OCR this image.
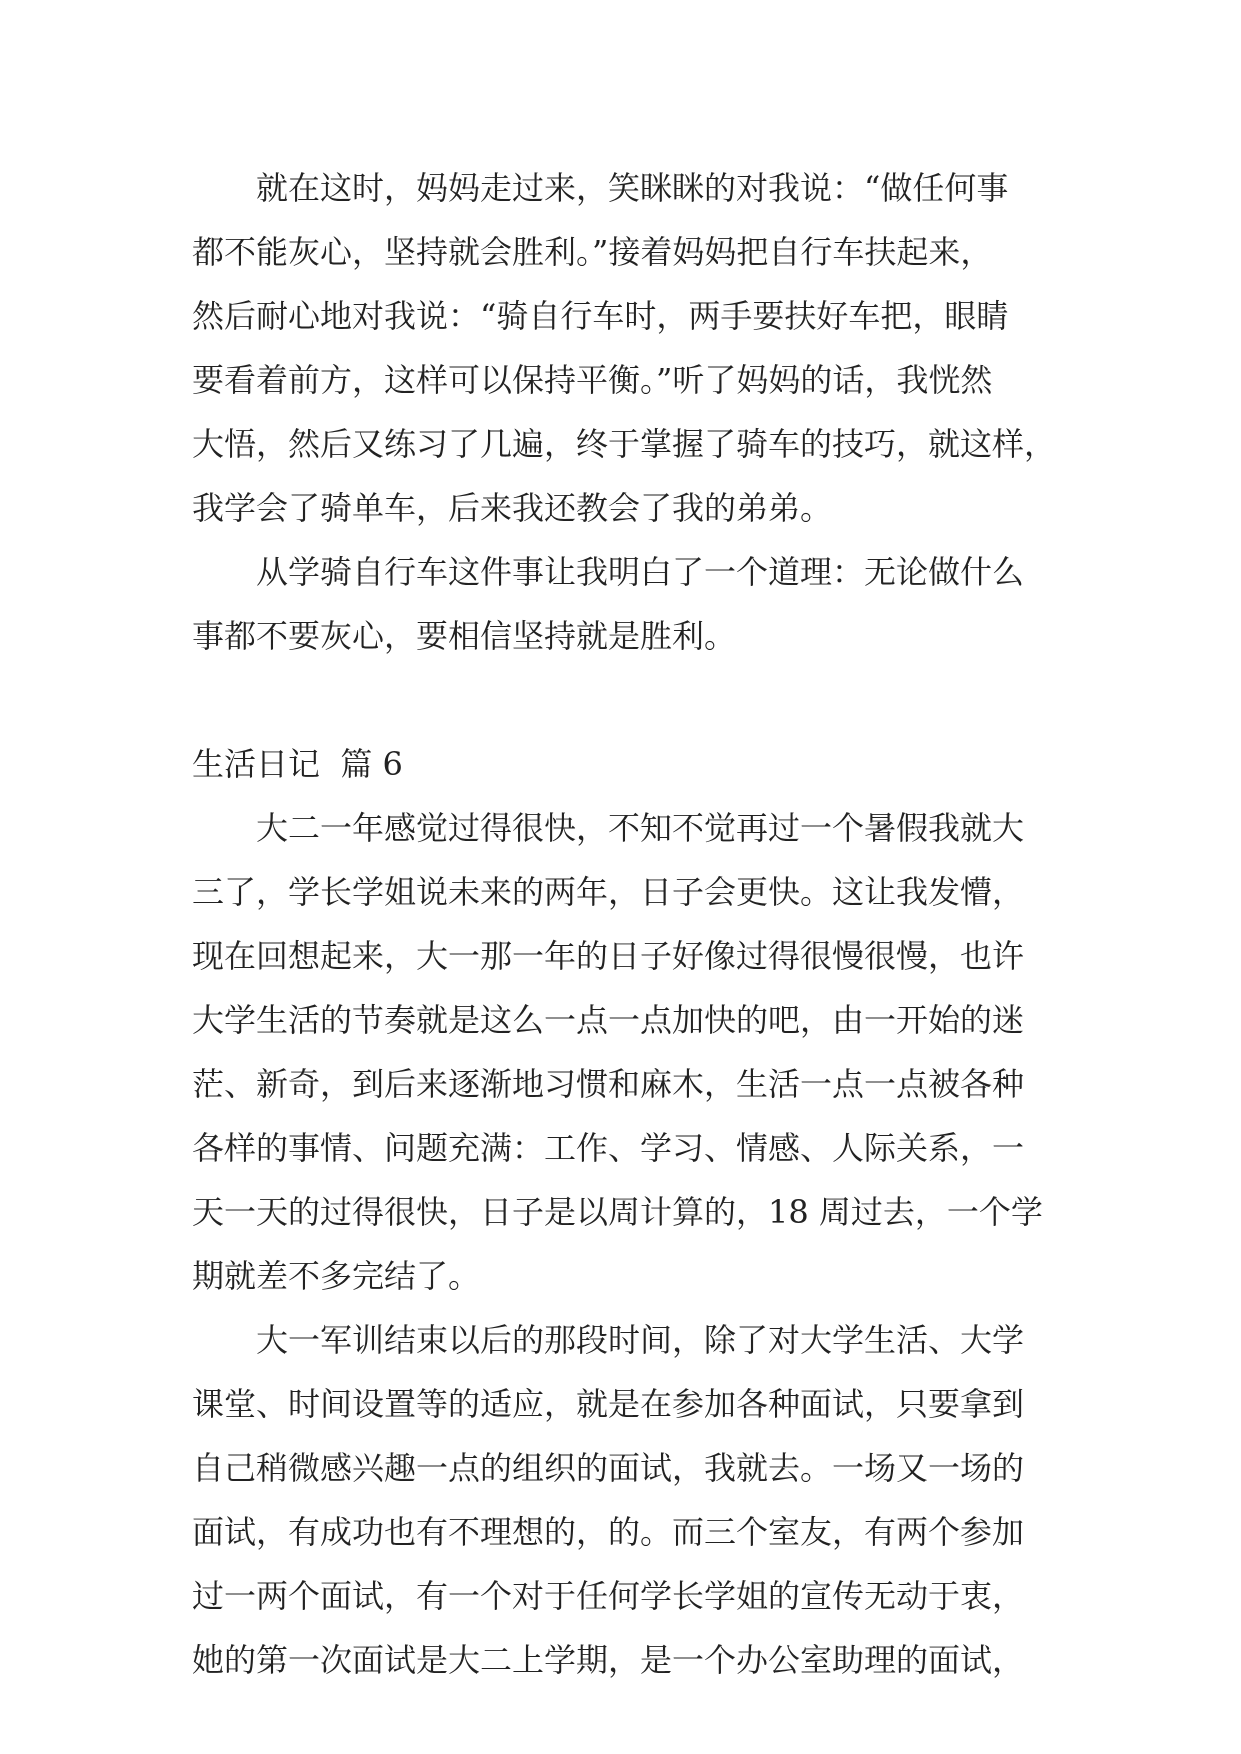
就在这时，妈妈走过来，笑眯眯的对我说：“做任何事
都不能灰心，坚持就会胜利。”接着妈妈把自行车扶起来，
然后耐心地对我说：“骑自行车时，两手要扶好车把，眼睛
要看着前方，这样可以保持平衡。”听了妈妈的话，我恍然
大悟，然后又练习了几遍，终于掌握了骑车的技巧，就这样，
我学会了骑单车，后来我还教会了我的弟弟。
从学骑自行车这件事让我明白了一个道理：无论做什么
事都不要灰心，要相信坚持就是胜利。
生活日记  篇 6
大二一年感觉过得很快，不知不觉再过一个暑假我就大
三了，学长学姐说未来的两年，日子会更快。这让我发懵，
现在回想起来，大一那一年的日子好像过得很慢很慢，也许
大学生活的节奏就是这么一点一点加快的吧，由一开始的迷
茫、新奇，到后来逐渐地习惯和麻木，生活一点一点被各种
各样的事情、问题充满：工作、学习、情感、人际关系，一
天一天的过得很快，日子是以周计算的，18 周过去，一个学
期就差不多完结了。
大一军训结束以后的那段时间，除了对大学生活、大学
课堂、时间设置等的适应，就是在参加各种面试，只要拿到
自己稍微感兴趣一点的组织的面试，我就去。一场又一场的
面试，有成功也有不理想的，的。而三个室友，有两个参加
过一两个面试，有一个对于任何学长学姐的宣传无动于衷，
她的第一次面试是大二上学期，是一个办公室助理的面试，
